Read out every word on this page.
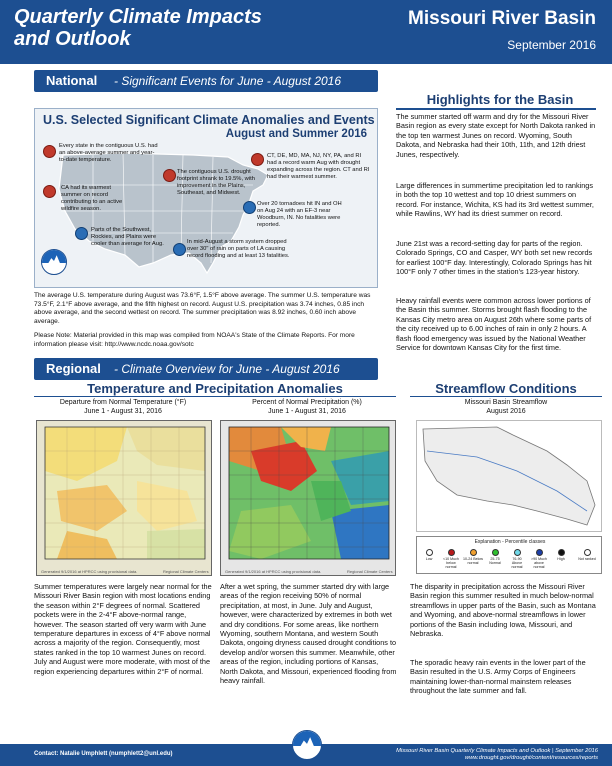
Quarterly Climate Impacts
and Outlook
Missouri River Basin
September 2016
National - Significant Events for June - August 2016
U.S. Selected Significant Climate Anomalies and Events
August and Summer 2016
Every state in the contiguous U.S. had an above-average summer and year-to-date temperature.
CA had its warmest summer on record contributing to an active wildfire season.
The contiguous U.S. drought footprint shrank to 19.5%, with improvement in the Plains, Southeast, and Midwest.
CT, DE, MD, MA, NJ, NY, PA, and RI had a record warm Aug with drought expanding across the region. CT and RI had their warmest summer.
Over 20 tornadoes hit IN and OH on Aug 24 with an EF-3 near Woodburn, IN. No fatalities were reported.
Parts of the Southwest, Rockies, and Plains were cooler than average for Aug.	In mid-August a storm system dropped over 30" of rain on parts of LA causing record flooding and at least 13 fatalities.
The average U.S. temperature during August was 73.6°F, 1.5°F above average. The summer U.S. temperature was 73.5°F, 2.1°F above average, and the fifth highest on record. August U.S. precipitation was 3.74 inches, 0.85 inch above average, and the second wettest on record. The summer precipitation was 8.92 inches, 0.60 inch above average.
Please Note: Material provided in this map was compiled from NOAA's State of the Climate Reports. For more information please visit: http://www.ncdc.noaa.gov/sotc
Highlights for the Basin
The summer started off warm and dry for the Missouri River Basin region as every state except for North Dakota ranked in the top ten warmest Junes on record. Wyoming, South Dakota, and Nebraska had their 10th, 11th, and 12th driest Junes, respectively.
Large differences in summertime precipitation led to rankings in both the top 10 wettest and top 10 driest summers on record. For instance, Wichita, KS had its 3rd wettest summer, while Rawlins, WY had its driest summer on record.
June 21st was a record-setting day for parts of the region. Colorado Springs, CO and Casper, WY both set new records for earliest 100°F day. Interestingly, Colorado Springs has hit 100°F only 7 other times in the station's 123-year history.
Heavy rainfall events were common across lower portions of the Basin this summer. Storms brought flash flooding to the Kansas City metro area on August 26th where some parts of the city received up to 6.00 inches of rain in only 2 hours. A flash flood emergency was issued by the National Weather Service for downtown Kansas City for the first time.
Regional - Climate Overview for June - August 2016
Temperature and Precipitation Anomalies
Departure from Normal Temperature (°F)
June 1 - August 31, 2016
Percent of Normal Precipitation (%)
June 1 - August 31, 2016
Generated 9/1/2016 at HPRCC using provisional data.	Regional Climate Centers	Generated 9/1/2016 at HPRCC using provisional data.	Regional Climate Centers
Summer temperatures were largely near normal for the Missouri River Basin region with most locations ending the season within 2°F degrees of normal. Scattered pockets were in the 2-4°F above-normal range, however. The season started off very warm with June temperature departures in excess of 4°F above normal across a majority of the region. Consequently, most states ranked in the top 10 warmest Junes on record. July and August were more moderate, with most of the region experiencing departures within 2°F of normal.
After a wet spring, the summer started dry with large areas of the region receiving 50% of normal precipitation, at most, in June. July and August, however, were characterized by extremes in both wet and dry conditions. For some areas, like northern Wyoming, southern Montana, and western South Dakota, ongoing dryness caused drought conditions to develop and/or worsen this summer. Meanwhile, other areas of the region, including portions of Kansas, North Dakota, and Missouri, experienced flooding from heavy rainfall.
Streamflow Conditions
Missouri Basin Streamflow
August 2016
Explanation - Percentile classes
Low	<10 Much below normal
10-24 Below normal
25-75 Normal
76-90 Above normal
>90 Much above normal
High	Not ranked
The disparity in precipitation across the Missouri River Basin region this summer resulted in much below-normal streamflows in upper parts of the Basin, such as Montana and Wyoming, and above-normal streamflows in lower portions of the Basin including Iowa, Missouri, and Nebraska.
The sporadic heavy rain events in the lower part of the Basin resulted in the U.S. Army Corps of Engineers maintaining lower-than-normal mainstem releases throughout the late summer and fall.
Contact: Natalie Umphlett (numphlett2@unl.edu)	Missouri River Basin Quarterly Climate Impacts and Outlook | September 2016
www.drought.gov/drought/content/resources/reports
